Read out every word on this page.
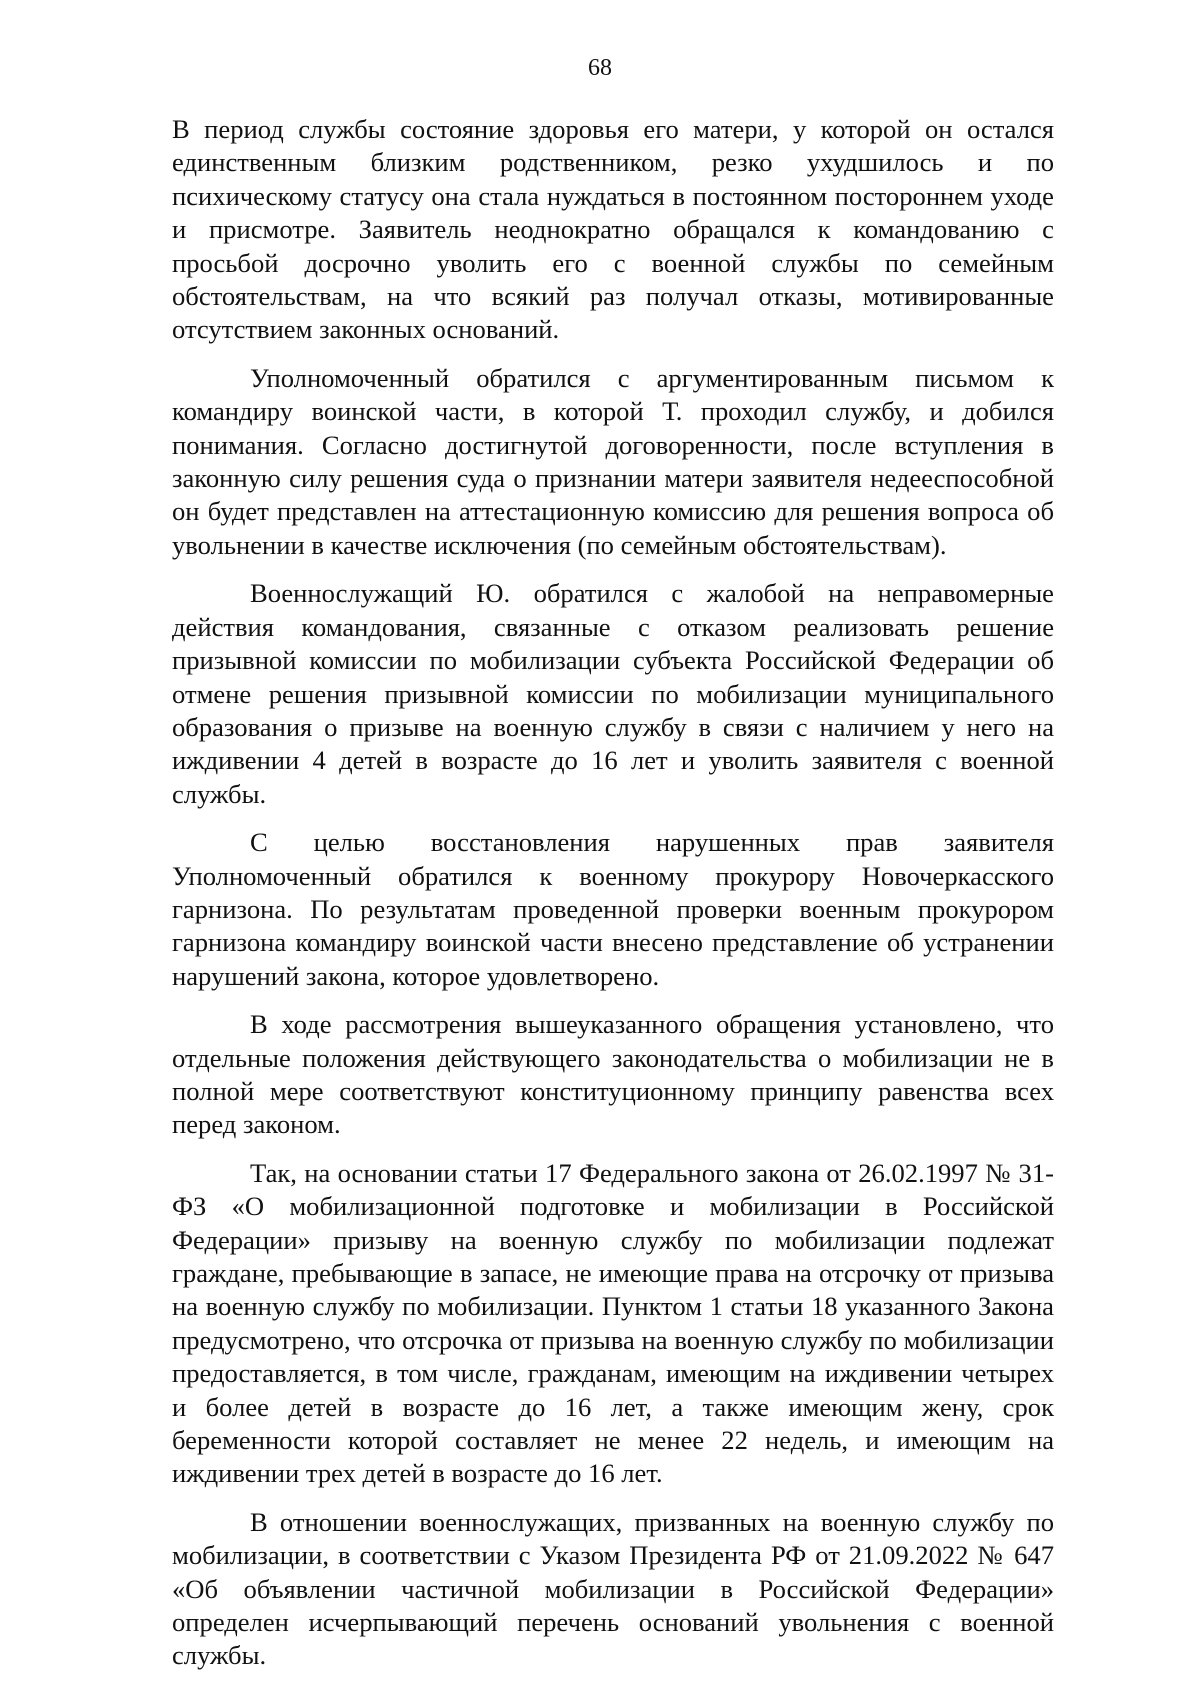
68

В период службы состояние здоровья его матери, у которой он остался единственным близким родственником, резко ухудшилось и по психическому статусу она стала нуждаться в постоянном постороннем уходе и присмотре. Заявитель неоднократно обращался к командованию с просьбой досрочно уволить его с военной службы по семейным обстоятельствам, на что всякий раз получал отказы, мотивированные отсутствием законных оснований.

Уполномоченный обратился с аргументированным письмом к командиру воинской части, в которой Т. проходил службу, и добился понимания. Согласно достигнутой договоренности, после вступления в законную силу решения суда о признании матери заявителя недееспособной он будет представлен на аттестационную комиссию для решения вопроса об увольнении в качестве исключения (по семейным обстоятельствам).

Военнослужащий Ю. обратился с жалобой на неправомерные действия командования, связанные с отказом реализовать решение призывной комиссии по мобилизации субъекта Российской Федерации об отмене решения призывной комиссии по мобилизации муниципального образования о призыве на военную службу в связи с наличием у него на иждивении 4 детей в возрасте до 16 лет и уволить заявителя с военной службы.

С целью восстановления нарушенных прав заявителя Уполномоченный обратился к военному прокурору Новочеркасского гарнизона. По результатам проведенной проверки военным прокурором гарнизона командиру воинской части внесено представление об устранении нарушений закона, которое удовлетворено.

В ходе рассмотрения вышеуказанного обращения установлено, что отдельные положения действующего законодательства о мобилизации не в полной мере соответствуют конституционному принципу равенства всех перед законом.

Так, на основании статьи 17 Федерального закона от 26.02.1997 № 31-ФЗ «О мобилизационной подготовке и мобилизации в Российской Федерации» призыву на военную службу по мобилизации подлежат граждане, пребывающие в запасе, не имеющие права на отсрочку от призыва на военную службу по мобилизации. Пунктом 1 статьи 18 указанного Закона предусмотрено, что отсрочка от призыва на военную службу по мобилизации предоставляется, в том числе, гражданам, имеющим на иждивении четырех и более детей в возрасте до 16 лет, а также имеющим жену, срок беременности которой составляет не менее 22 недель, и имеющим на иждивении трех детей в возрасте до 16 лет.

В отношении военнослужащих, призванных на военную службу по мобилизации, в соответствии с Указом Президента РФ от 21.09.2022 № 647 «Об объявлении частичной мобилизации в Российской Федерации» определен исчерпывающий перечень оснований увольнения с военной службы.
